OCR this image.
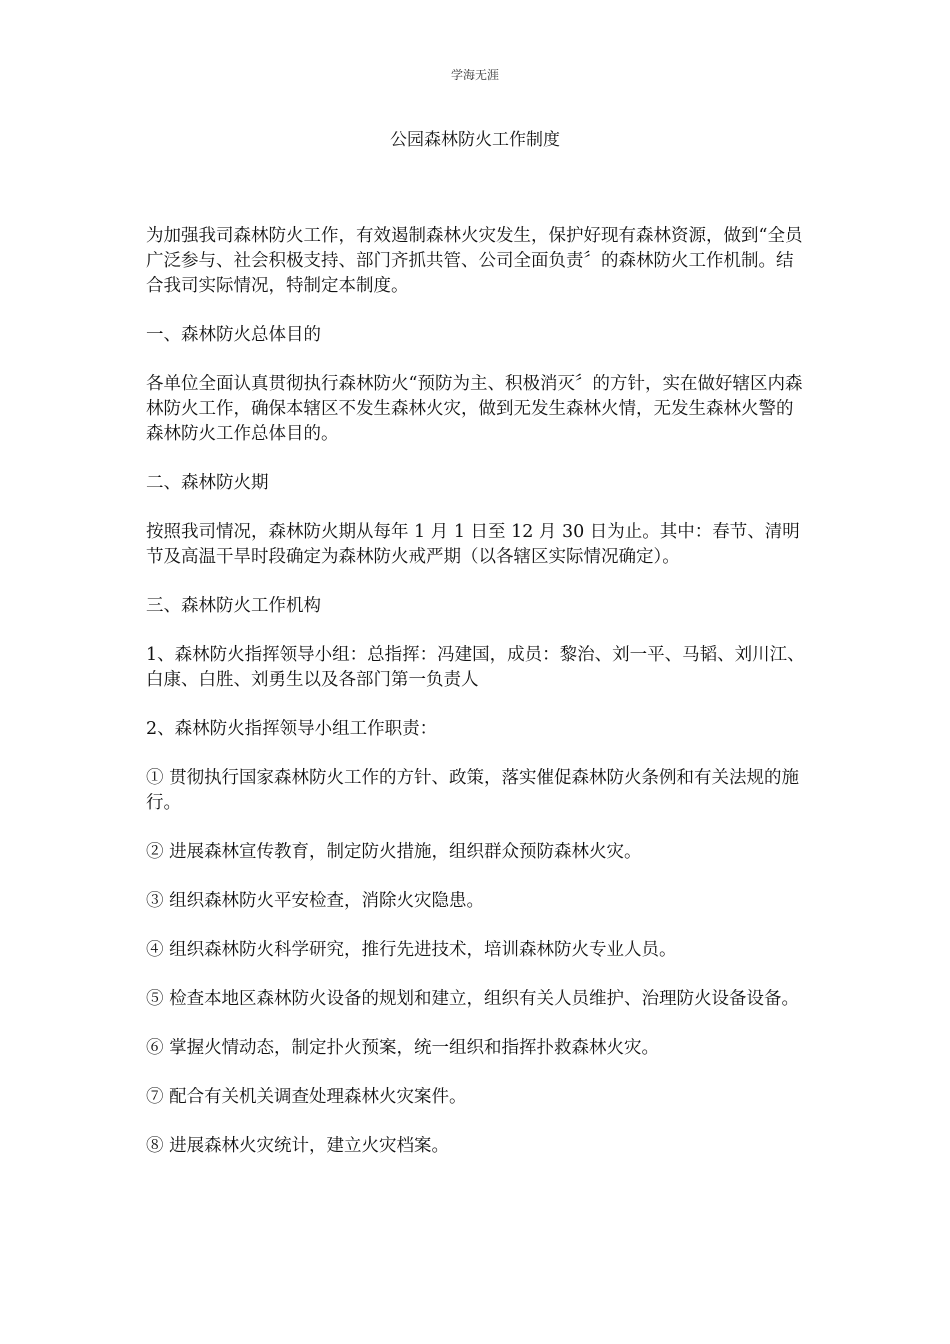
学海无涯
公园森林防火工作制度

为加强我司森林防火工作，有效遏制森林火灾发生，保护好现有森林资源，做到“全员广泛参与、社会积极支持、部门齐抓共管、公司全面负责〞的森林防火工作机制。结合我司实际情况，特制定本制度。

一、森林防火总体目的

各单位全面认真贯彻执行森林防火“预防为主、积极消灭〞的方针，实在做好辖区内森林防火工作，确保本辖区不发生森林火灾，做到无发生森林火情，无发生森林火警的森林防火工作总体目的。

二、森林防火期

按照我司情况，森林防火期从每年 1 月 1 日至 12 月 30 日为止。其中：春节、清明节及高温干旱时段确定为森林防火戒严期（以各辖区实际情况确定）。

三、森林防火工作机构

1、森林防火指挥领导小组：总指挥：冯建国，成员：黎治、刘一平、马韬、刘川江、白康、白胜、刘勇生以及各部门第一负责人

2、森林防火指挥领导小组工作职责：

① 贯彻执行国家森林防火工作的方针、政策，落实催促森林防火条例和有关法规的施行。

② 进展森林宣传教育，制定防火措施，组织群众预防森林火灾。

③ 组织森林防火平安检查，消除火灾隐患。

④ 组织森林防火科学研究，推行先进技术，培训森林防火专业人员。

⑤ 检查本地区森林防火设备的规划和建立，组织有关人员维护、治理防火设备设备。

⑥ 掌握火情动态，制定扑火预案，统一组织和指挥扑救森林火灾。

⑦ 配合有关机关调查处理森林火灾案件。

⑧ 进展森林火灾统计，建立火灾档案。
